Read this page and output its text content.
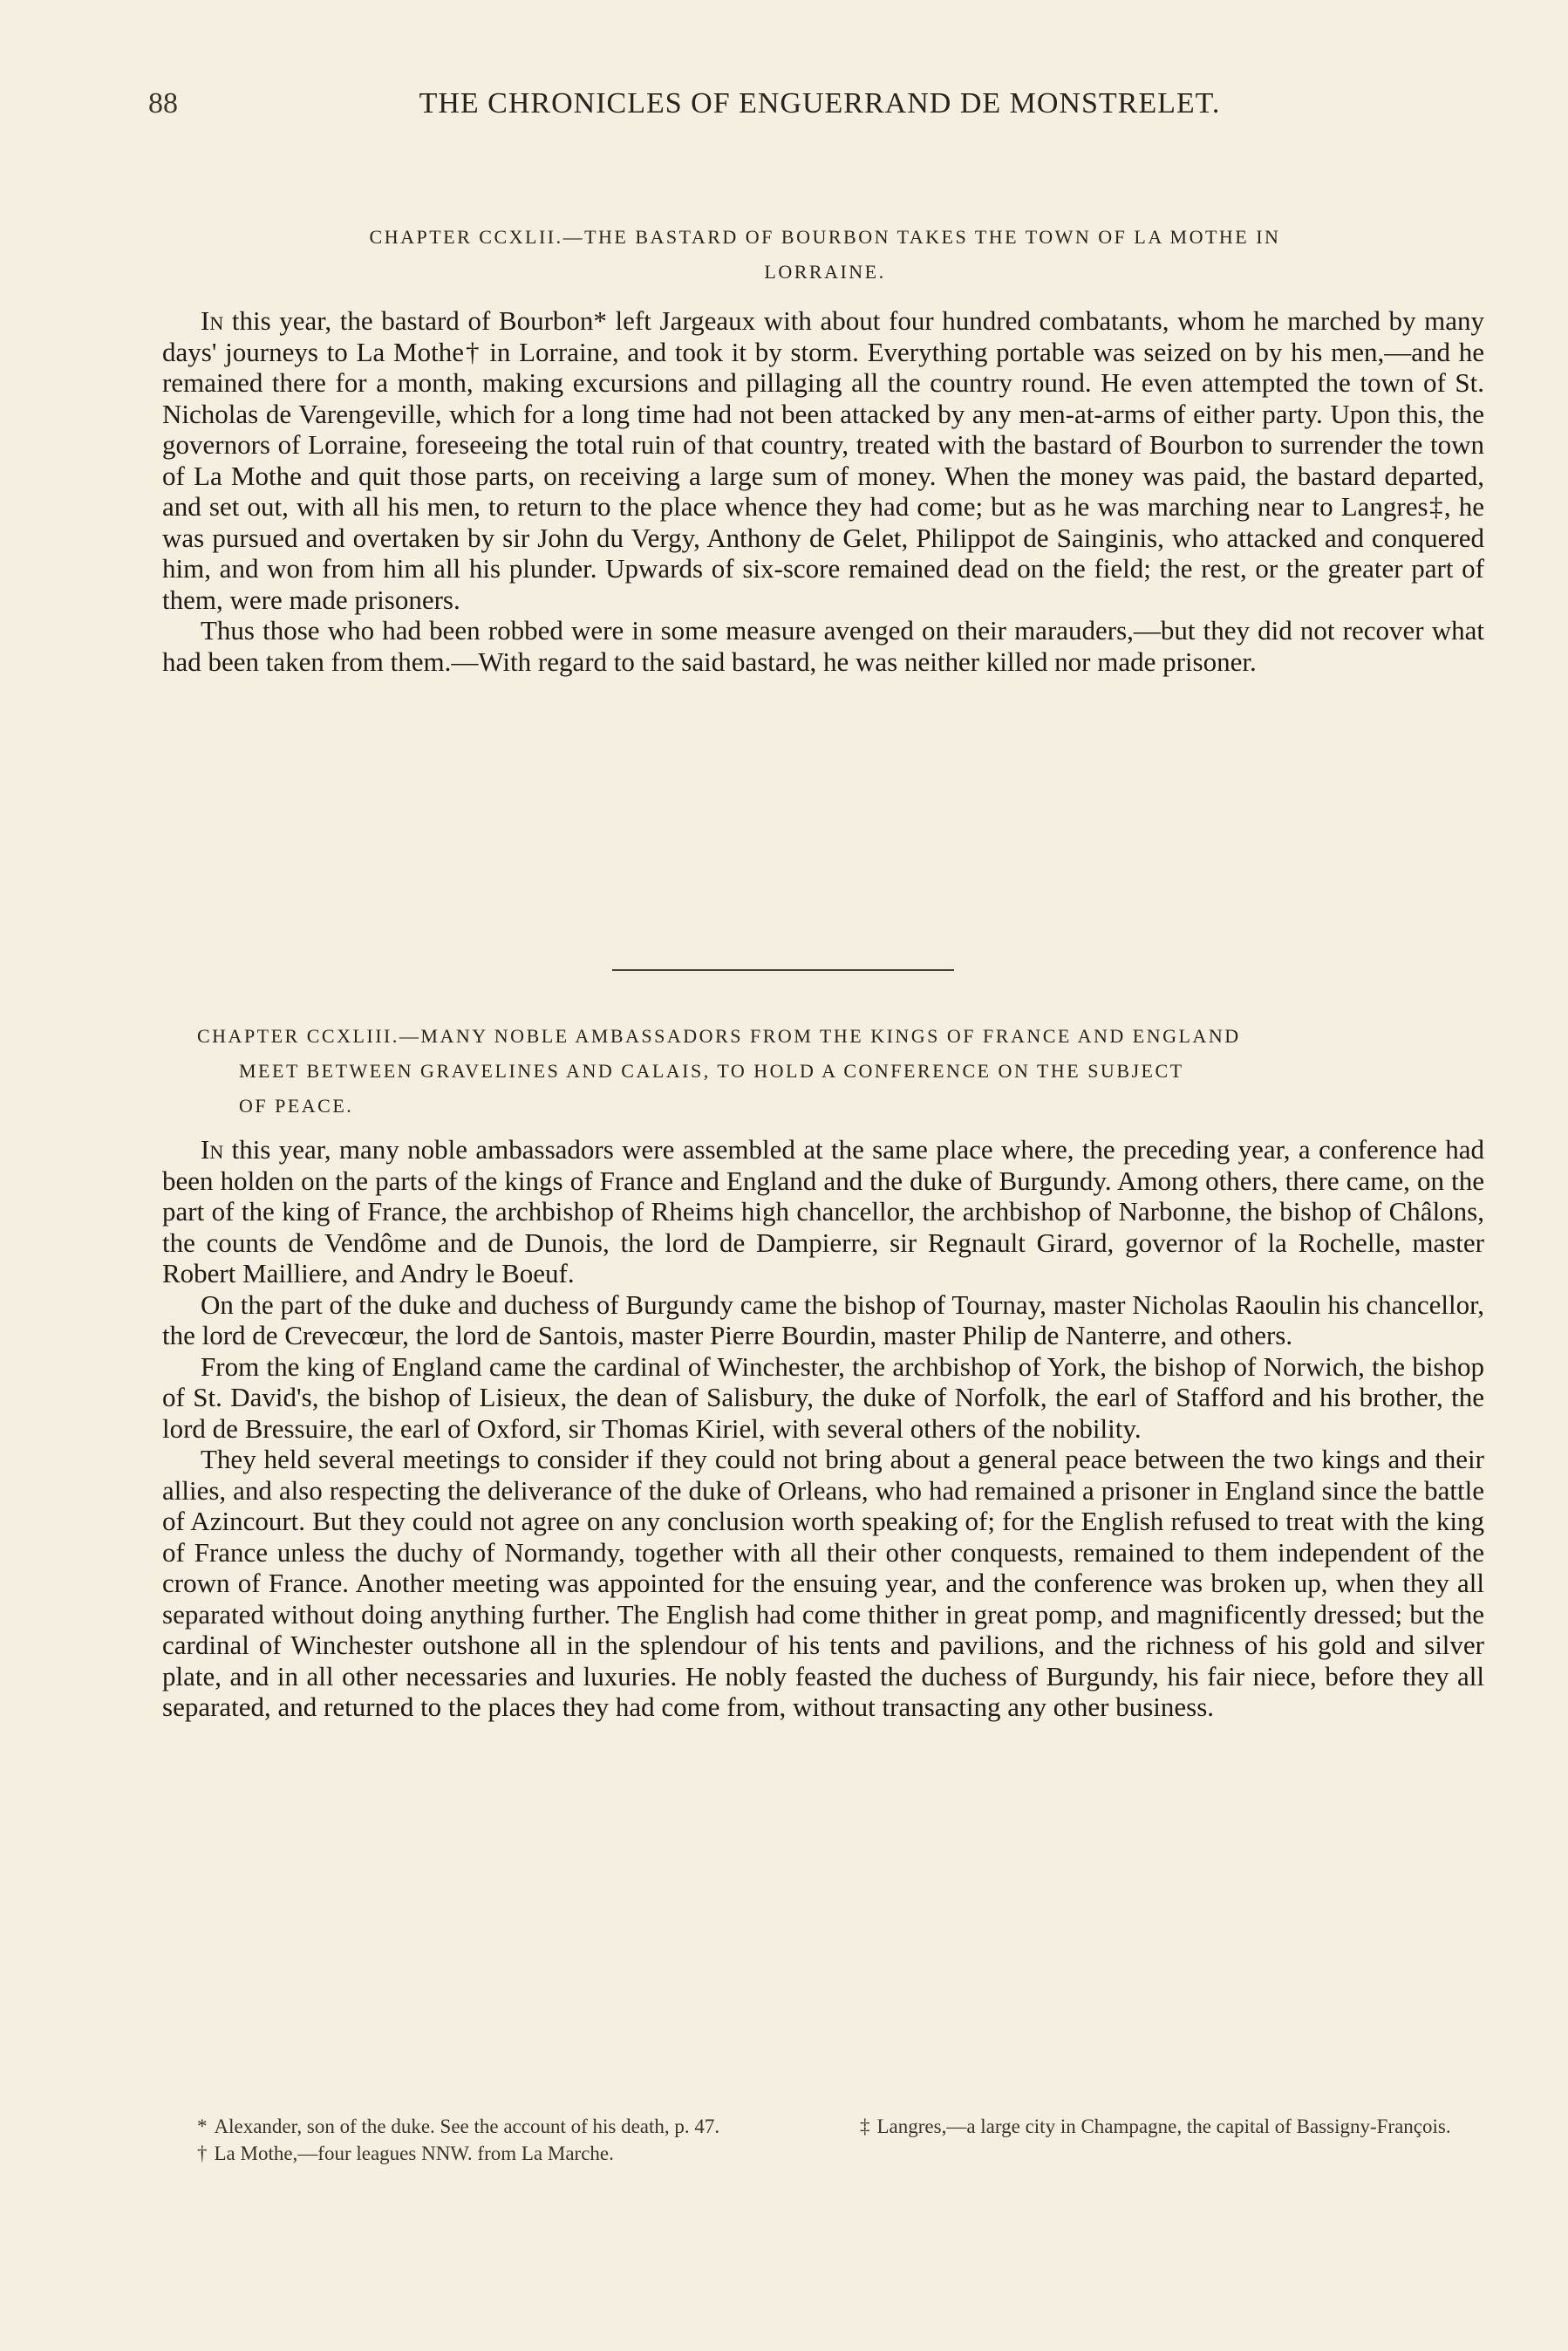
88	THE CHRONICLES OF ENGUERRAND DE MONSTRELET.
CHAPTER CCXLII.—THE BASTARD OF BOURBON TAKES THE TOWN OF LA MOTHE IN
LORRAINE.

In this year, the bastard of Bourbon* left Jargeaux with about four hundred combatants, whom he marched by many days' journeys to La Mothe† in Lorraine, and took it by storm. Everything portable was seized on by his men,—and he remained there for a month, making excursions and pillaging all the country round. He even attempted the town of St. Nicholas de Varengeville, which for a long time had not been attacked by any men-at-arms of either party. Upon this, the governors of Lorraine, foreseeing the total ruin of that country, treated with the bastard of Bourbon to surrender the town of La Mothe and quit those parts, on receiving a large sum of money. When the money was paid, the bastard departed, and set out, with all his men, to return to the place whence they had come; but as he was marching near to Langres‡, he was pursued and overtaken by sir John du Vergy, Anthony de Gelet, Philippot de Sainginis, who attacked and conquered him, and won from him all his plunder. Upwards of six-score remained dead on the field; the rest, or the greater part of them, were made prisoners.

Thus those who had been robbed were in some measure avenged on their marauders,—but they did not recover what had been taken from them.—With regard to the said bastard, he was neither killed nor made prisoner.

CHAPTER CCXLIII.—MANY NOBLE AMBASSADORS FROM THE KINGS OF FRANCE AND ENGLAND
MEET BETWEEN GRAVELINES AND CALAIS, TO HOLD A CONFERENCE ON THE SUBJECT
OF PEACE.

In this year, many noble ambassadors were assembled at the same place where, the preceding year, a conference had been holden on the parts of the kings of France and England and the duke of Burgundy. Among others, there came, on the part of the king of France, the archbishop of Rheims high chancellor, the archbishop of Narbonne, the bishop of Châlons, the counts de Vendôme and de Dunois, the lord de Dampierre, sir Regnault Girard, governor of la Rochelle, master Robert Mailliere, and Andry le Boeuf.

On the part of the duke and duchess of Burgundy came the bishop of Tournay, master Nicholas Raoulin his chancellor, the lord de Crevecœur, the lord de Santois, master Pierre Bourdin, master Philip de Nanterre, and others.

From the king of England came the cardinal of Winchester, the archbishop of York, the bishop of Norwich, the bishop of St. David's, the bishop of Lisieux, the dean of Salisbury, the duke of Norfolk, the earl of Stafford and his brother, the lord de Bressuire, the earl of Oxford, sir Thomas Kiriel, with several others of the nobility.

They held several meetings to consider if they could not bring about a general peace between the two kings and their allies, and also respecting the deliverance of the duke of Orleans, who had remained a prisoner in England since the battle of Azincourt. But they could not agree on any conclusion worth speaking of; for the English refused to treat with the king of France unless the duchy of Normandy, together with all their other conquests, remained to them independent of the crown of France. Another meeting was appointed for the ensuing year, and the conference was broken up, when they all separated without doing anything further. The English had come thither in great pomp, and magnificently dressed; but the cardinal of Winchester outshone all in the splendour of his tents and pavilions, and the richness of his gold and silver plate, and in all other necessaries and luxuries. He nobly feasted the duchess of Burgundy, his fair niece, before they all separated, and returned to the places they had come from, without transacting any other business.

* Alexander, son of the duke. See the account of his death, p. 47.

† La Mothe,—four leagues NNW. from La Marche.

‡ Langres,—a large city in Champagne, the capital of Bassigny-François.
